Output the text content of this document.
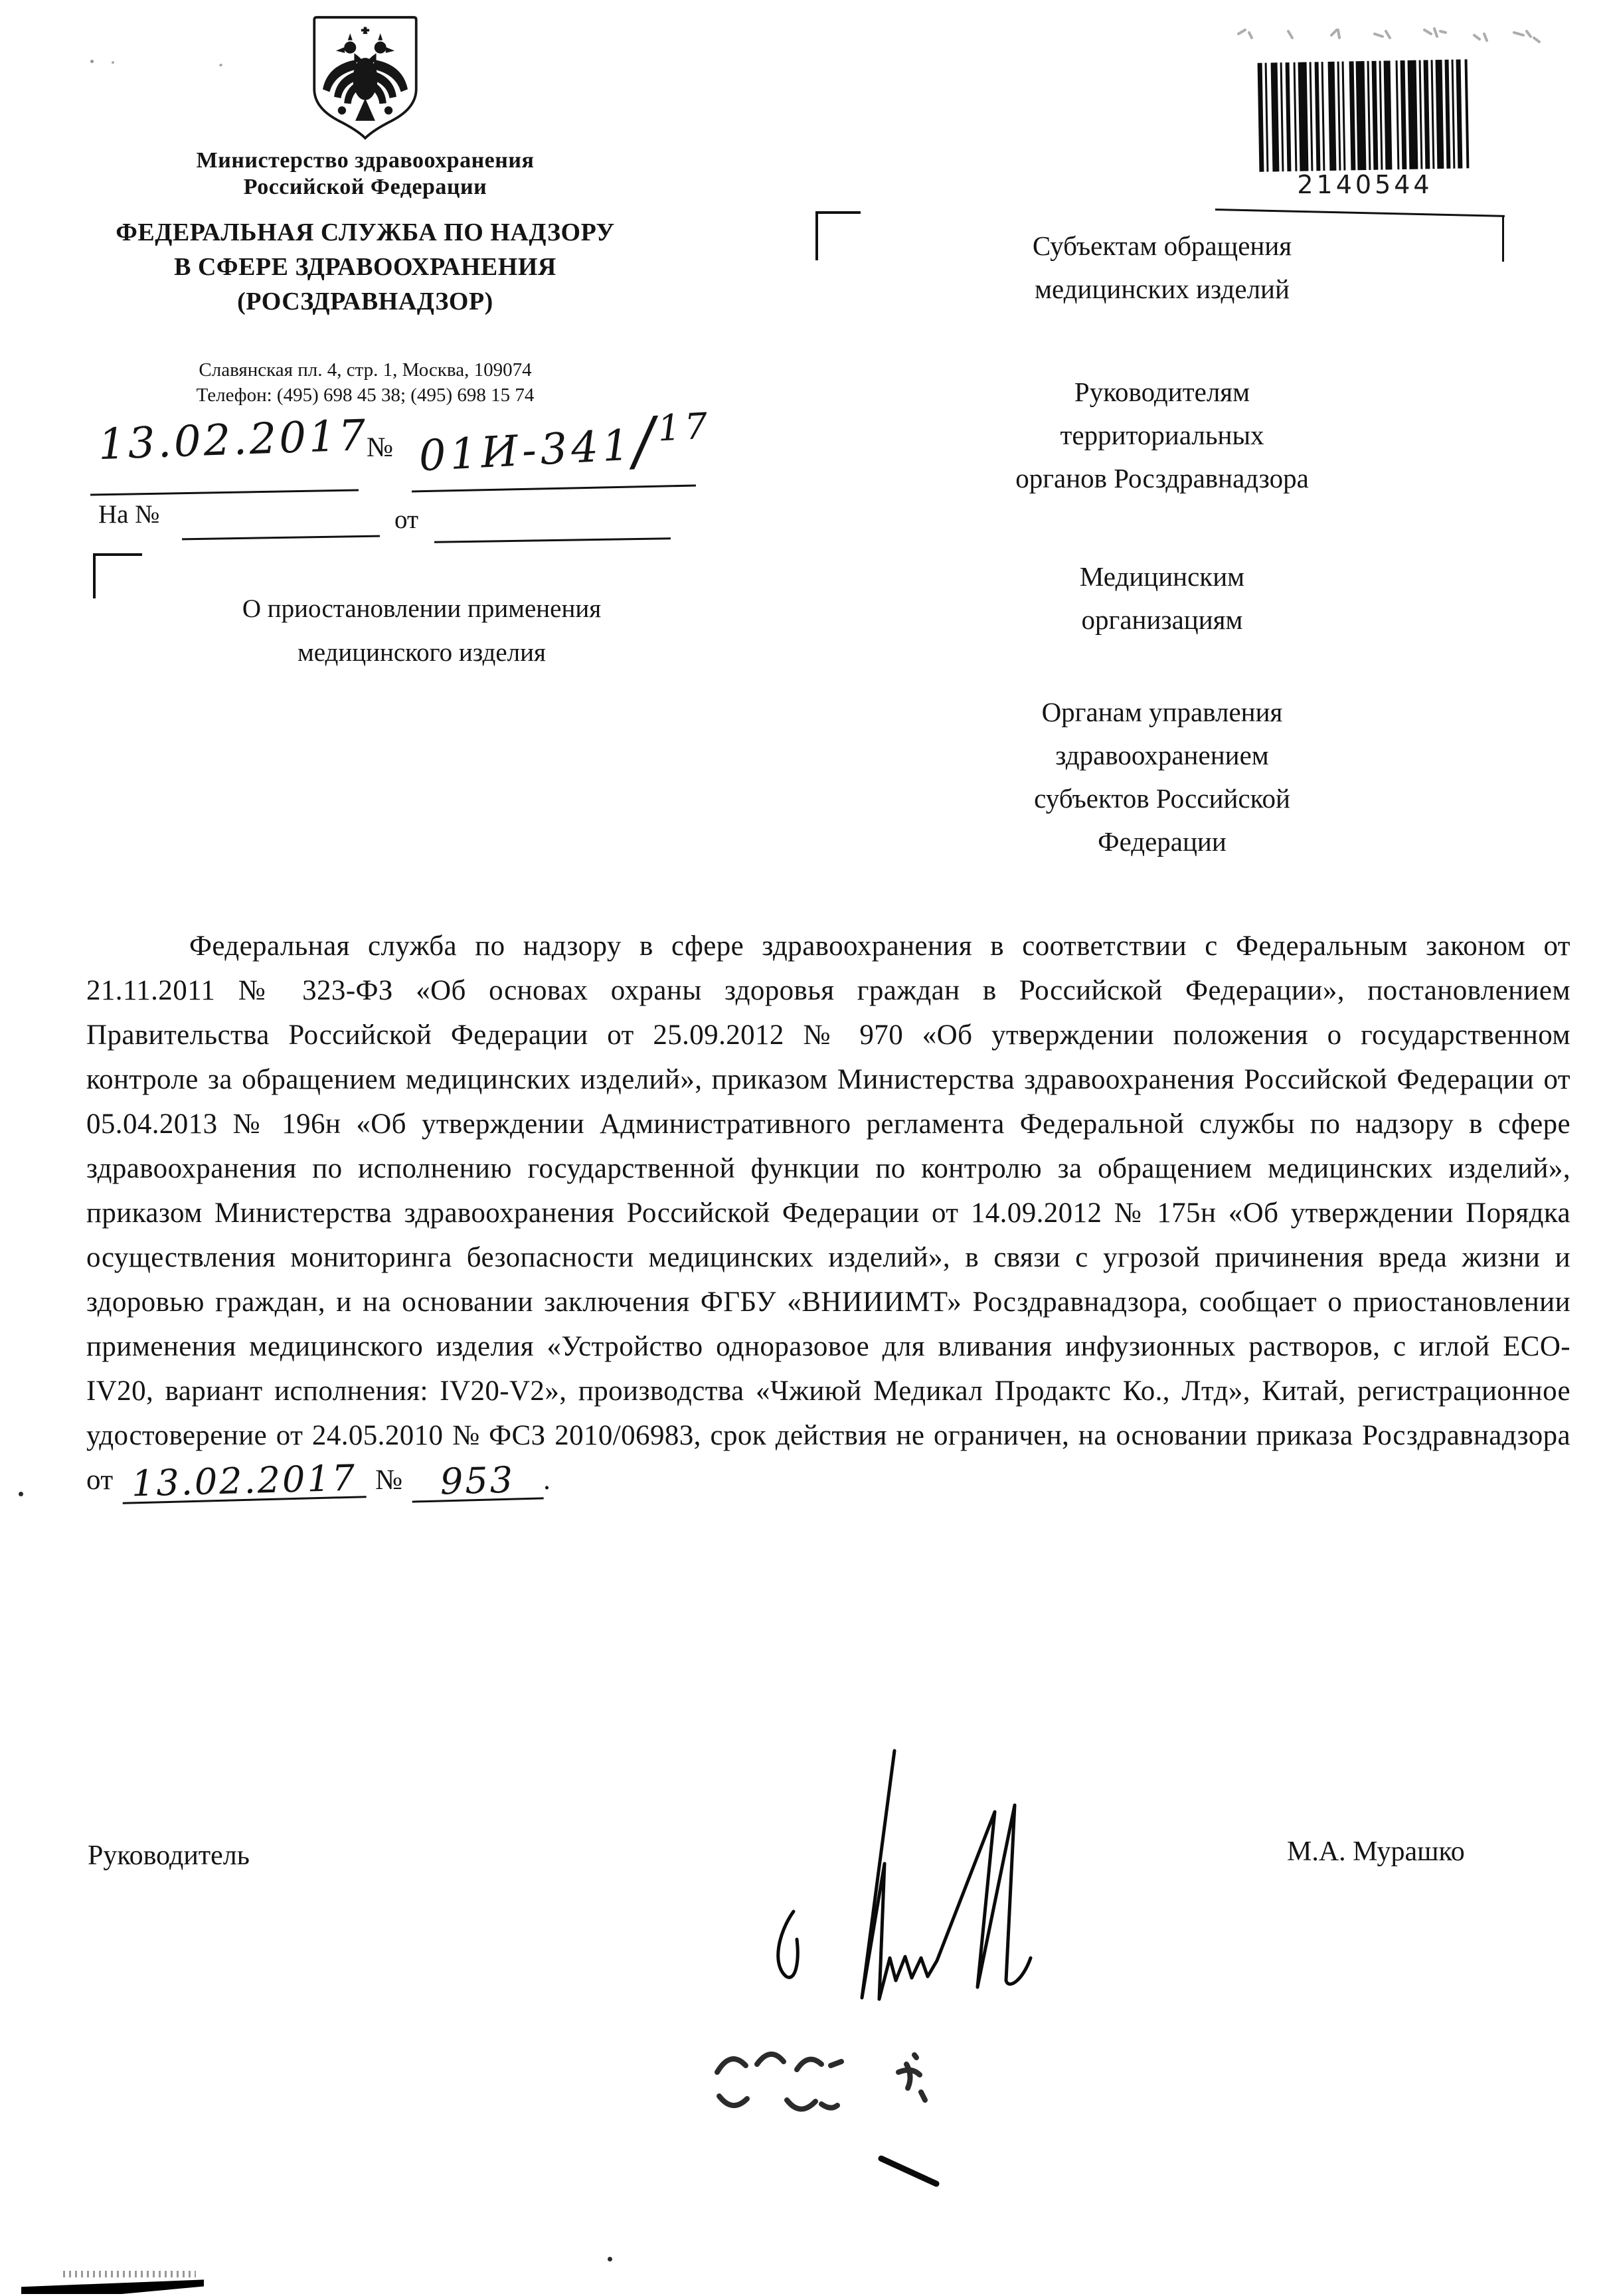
Министерство здравоохранения
Российской Федерации
ФЕДЕРАЛЬНАЯ СЛУЖБА ПО НАДЗОРУ
В СФЕРЕ ЗДРАВООХРАНЕНИЯ
(РОСЗДРАВНАДЗОР)
Славянская пл. 4, стр. 1, Москва, 109074
Телефон: (495) 698 45 38; (495) 698 15 74
13.02.2017
№ 01И-341/$^{17}$
На №	от
О приостановлении применения
медицинского изделия
2140544
Субъектам обращения
медицинских изделий
Руководителям
территориальных
органов Росздравнадзора
Медицинским
организациям
Органам управления
здравоохранением
субъектов Российской
Федерации

Федеральная служба по надзору в сфере здравоохранения в соответствии с Федеральным законом от 21.11.2011 № 323-ФЗ «Об основах охраны здоровья граждан в Российской Федерации», постановлением Правительства Российской Федерации от 25.09.2012 № 970 «Об утверждении положения о государственном контроле за обращением медицинских изделий», приказом Министерства здравоохранения Российской Федерации от 05.04.2013 № 196н «Об утверждении Административного регламента Федеральной службы по надзору в сфере здравоохранения по исполнению государственной функции по контролю за обращением медицинских изделий», приказом Министерства здравоохранения Российской Федерации от 14.09.2012 № 175н «Об утверждении Порядка осуществления мониторинга безопасности медицинских изделий», в связи с угрозой причинения вреда жизни и здоровью граждан, и на основании заключения ФГБУ «ВНИИИМТ» Росздравнадзора, сообщает о приостановлении применения медицинского изделия «Устройство одноразовое для вливания инфузионных растворов, с иглой ECO-IV20, вариант исполнения: IV20-V2», производства «Чжиюй Медикал Продактс Ко., Лтд», Китай, регистрационное удостоверение от 24.05.2010 № ФСЗ 2010/06983, срок действия не ограничен, на основании приказа Росздравнадзора от 13.02.2017 № 953 .

Руководитель	М.А. Мурашко
